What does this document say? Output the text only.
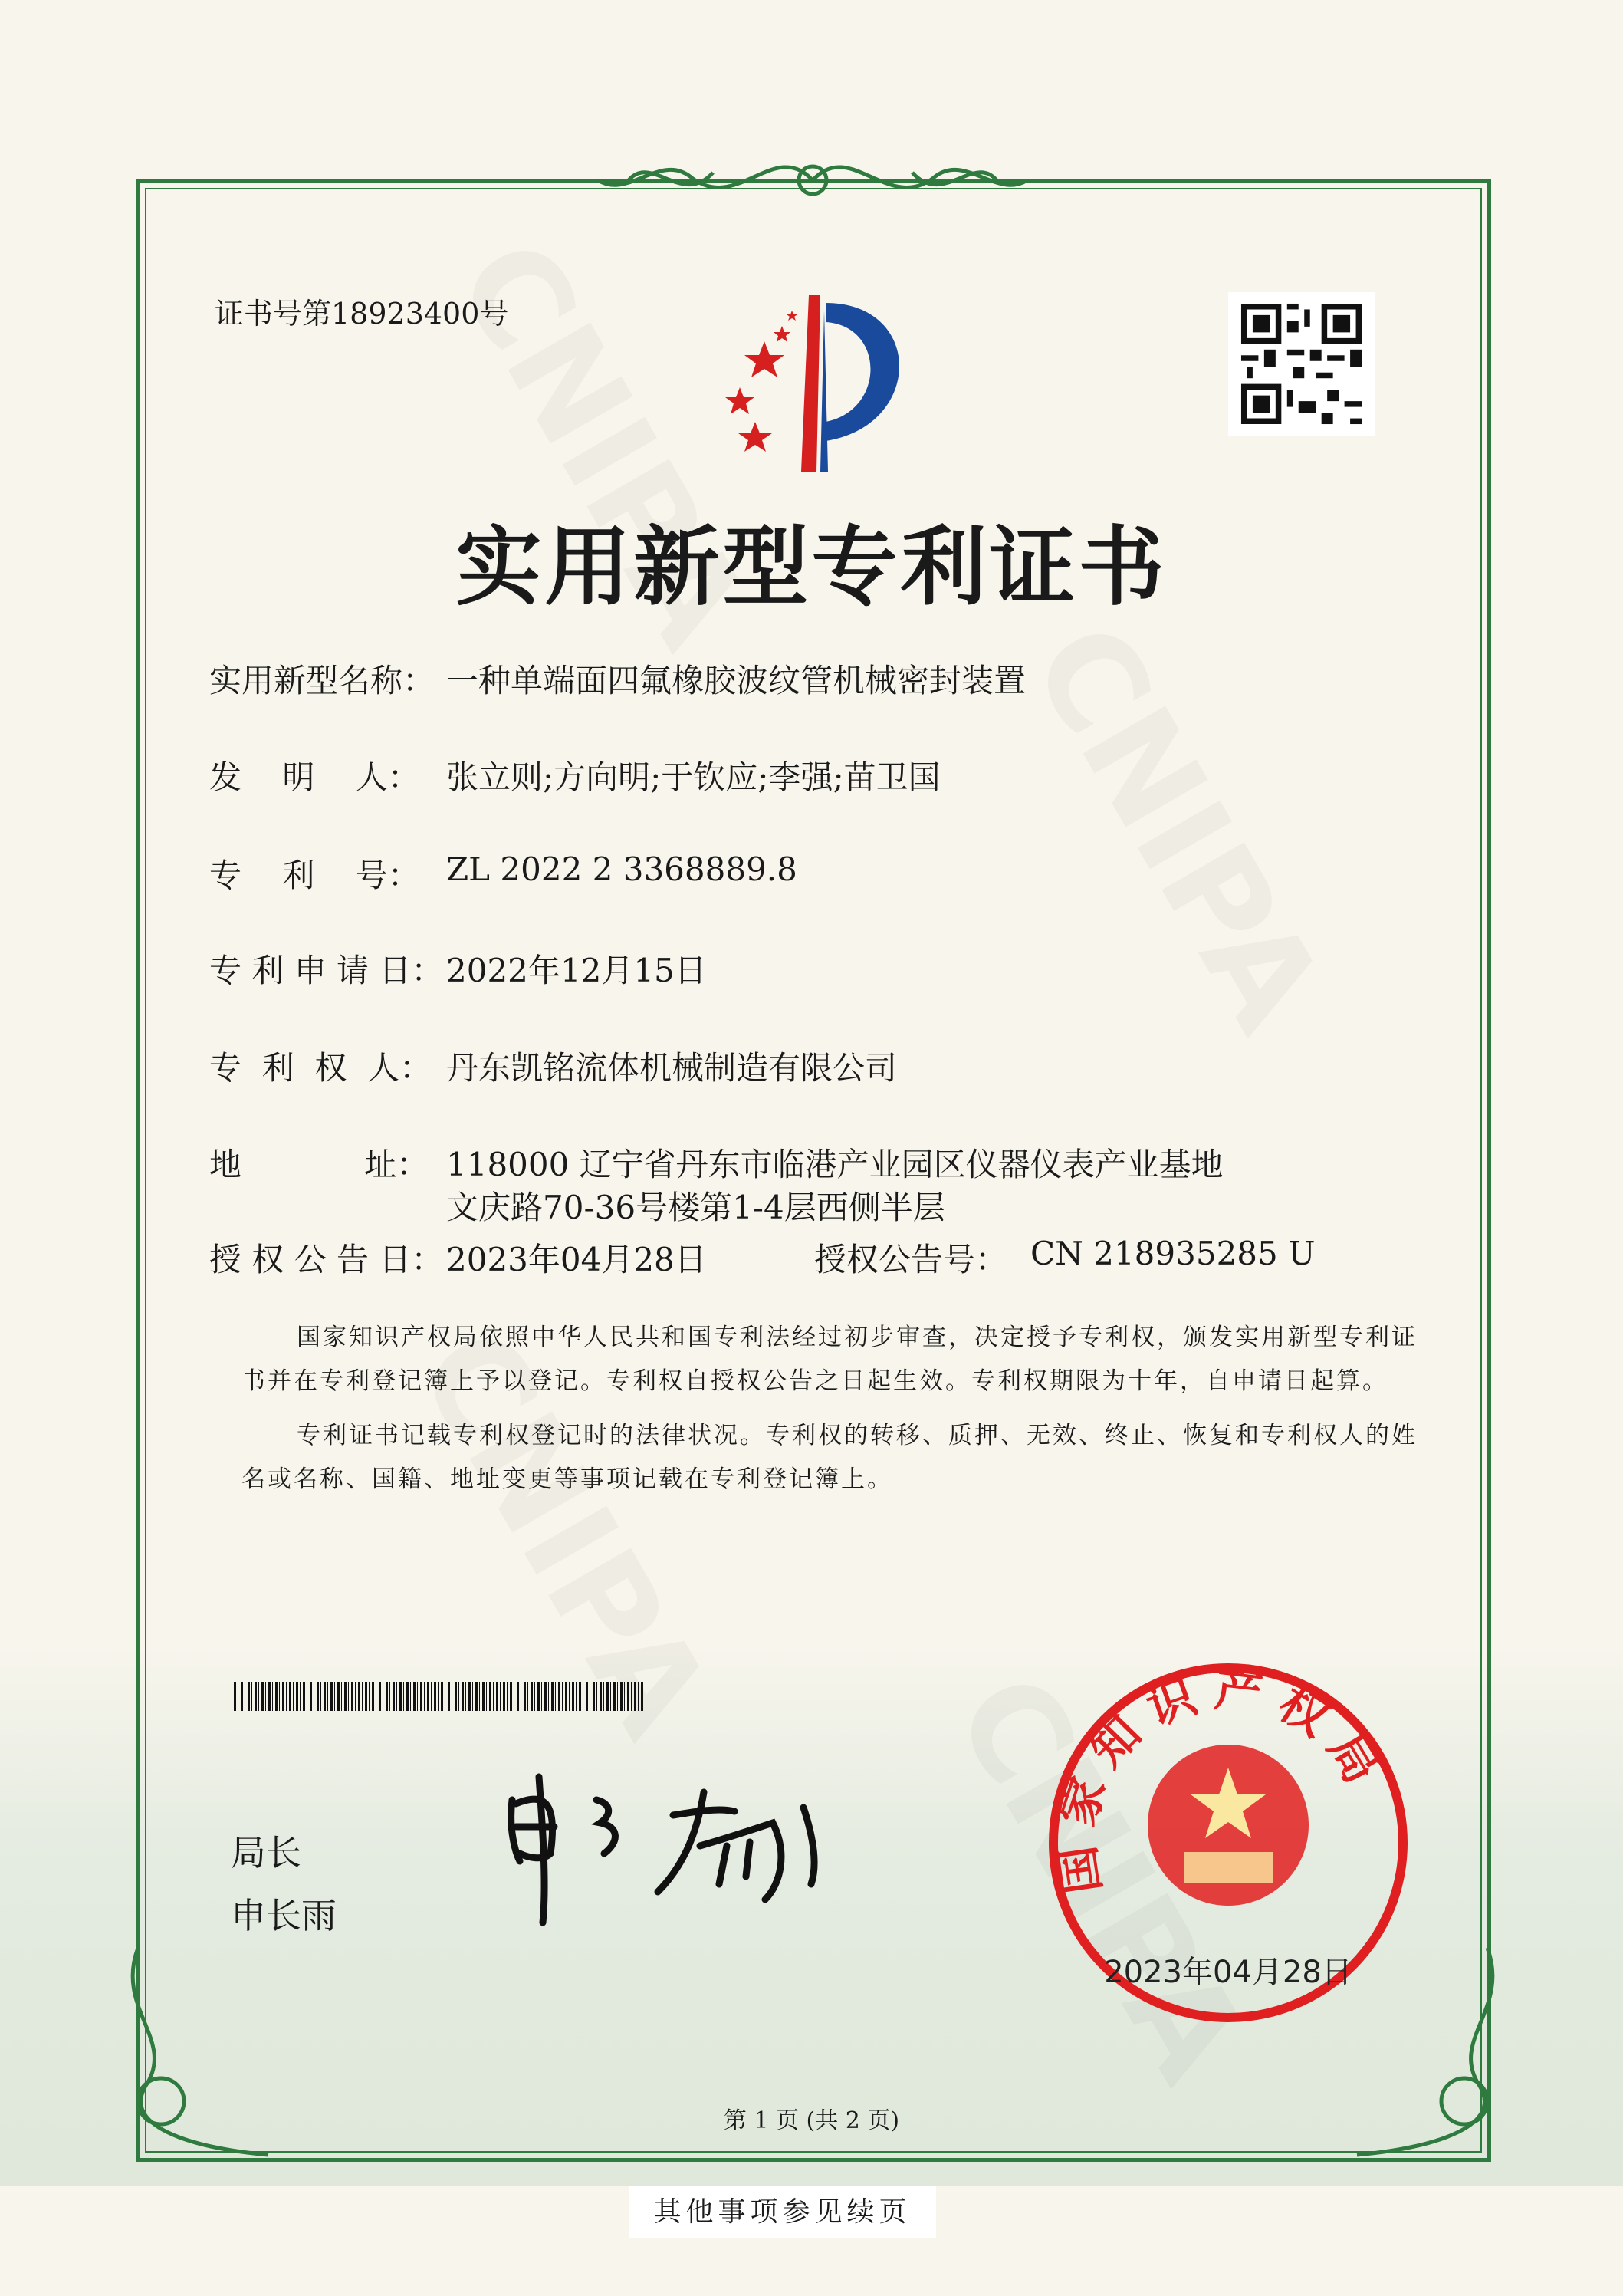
证书号第18923400号
实用新型专利证书
实用新型名称： 一种单端面四氟橡胶波纹管机械密封装置
发    明    人： 张立则;方向明;于钦应;李强;苗卫国
专    利    号： ZL 2022 2 3368889.8
专 利 申 请 日： 2022年12月15日
专  利  权  人： 丹东凯铭流体机械制造有限公司
地            址： 118000 辽宁省丹东市临港产业园区仪器仪表产业基地
文庆路70-36号楼第1-4层西侧半层
授 权 公 告 日： 2023年04月28日	授权公告号： CN 218935285 U

国家知识产权局依照中华人民共和国专利法经过初步审查，决定授予专利权，颁发实用新型专利证书并在专利登记簿上予以登记。专利权自授权公告之日起生效。专利权期限为十年，自申请日起算。

专利证书记载专利权登记时的法律状况。专利权的转移、质押、无效、终止、恢复和专利权人的姓名或名称、国籍、地址变更等事项记载在专利登记簿上。

局长
申长雨
国家知识产权局
2023年04月28日
第 1 页 (共 2 页)
其他事项参见续页
